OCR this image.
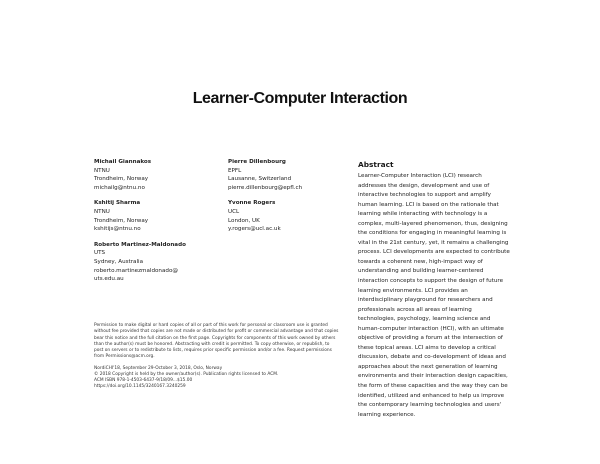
Learner-Computer Interaction
Michail Giannakos
NTNU
Trondheim, Norway
michailg@ntnu.no
Kshitij Sharma
NTNU
Trondheim, Norway
kshitijs@ntnu.no
Roberto Martinez-Maldonado
UTS
Sydney, Australia
roberto.martinezmaldonado@
uts.edu.au
Pierre Dillenbourg
EPFL
Lausanne, Switzerland
pierre.dillenbourg@epfl.ch
Yvonne Rogers
UCL
London, UK
y.rogers@ucl.ac.uk
Abstract
Learner-Computer Interaction (LCI) research addresses the design, development and use of interactive technologies to support and amplify human learning. LCI is based on the rationale that learning while interacting with technology is a complex, multi-layered phenomenon, thus, designing the conditions for engaging in meaningful learning is vital in the 21st century, yet, it remains a challenging process. LCI developments are expected to contribute towards a coherent new, high-impact way of understanding and building learner-centered interaction concepts to support the design of future learning environments. LCI provides an interdisciplinary playground for researchers and professionals across all areas of learning technologies, psychology, learning science and human-computer interaction (HCI), with an ultimate objective of providing a forum at the intersection of these topical areas. LCI aims to develop a critical discussion, debate and co-development of ideas and approaches about the next generation of learning environments and their interaction design capacities, the form of these capacities and the way they can be identified, utilized and enhanced to help us improve the contemporary learning technologies and users' learning experience.
Permission to make digital or hard copies of all or part of this work for personal or classroom use is granted without fee provided that copies are not made or distributed for profit or commercial advantage and that copies bear this notice and the full citation on the first page. Copyrights for components of this work owned by others than the author(s) must be honored. Abstracting with credit is permitted. To copy otherwise, or republish, to post on servers or to redistribute to lists, requires prior specific permission and/or a fee. Request permissions from Permissions@acm.org.
NordiCHI'18, September 29-October 3, 2018, Oslo, Norway
© 2018 Copyright is held by the owner/author(s). Publication rights licensed to ACM.
ACM ISBN 978-1-4503-6437-9/18/09...$15.00
https://doi.org/10.1145/3240167.3240259
